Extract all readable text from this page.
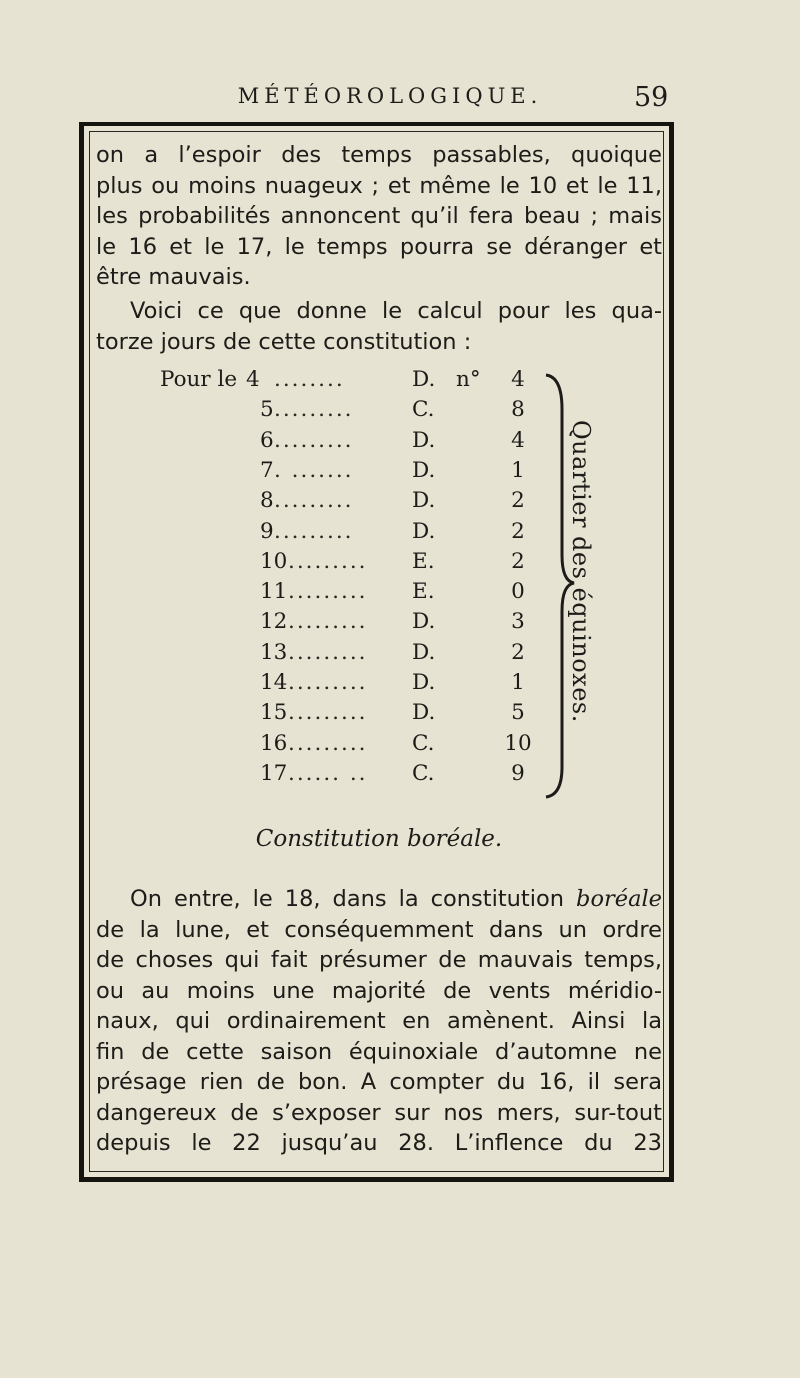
MÉTÉOROLOGIQUE.	59
on a l’espoir des temps passables, quoique
plus ou moins nuageux ; et même le 10 et le 11,
les probabilités annoncent qu’il fera beau ; mais
le 16 et le 17, le temps pourra se déranger et
être mauvais.
Voici ce que donne le calcul pour les qua-
torze jours de cette constitution :
Pour le 4 ........	D. n°	4
5 .........	C.	8
6 .........	D.	4
7 . .......	D.	1
8 .........	D.	2
9 .........	D.	2
10 ......... E.	2
11 ......... E.	0
12 ......... D.	3
13 ......... D.	2
14 ......... D.	1
15 ......... D.	5
16 ......... C.	10
17 ...... .. C.	9
Quartier des équinoxes.
Constitution boréale.
On entre, le 18, dans la constitution boréale
de la lune, et conséquemment dans un ordre
de choses qui fait présumer de mauvais temps,
ou au moins une majorité de vents méridio-
naux, qui ordinairement en amènent. Ainsi la
fin de cette saison équinoxiale d’automne ne
présage rien de bon. A compter du 16, il sera
dangereux de s’exposer sur nos mers, sur-tout
depuis le 22 jusqu’au 28. L’inflence du 23
